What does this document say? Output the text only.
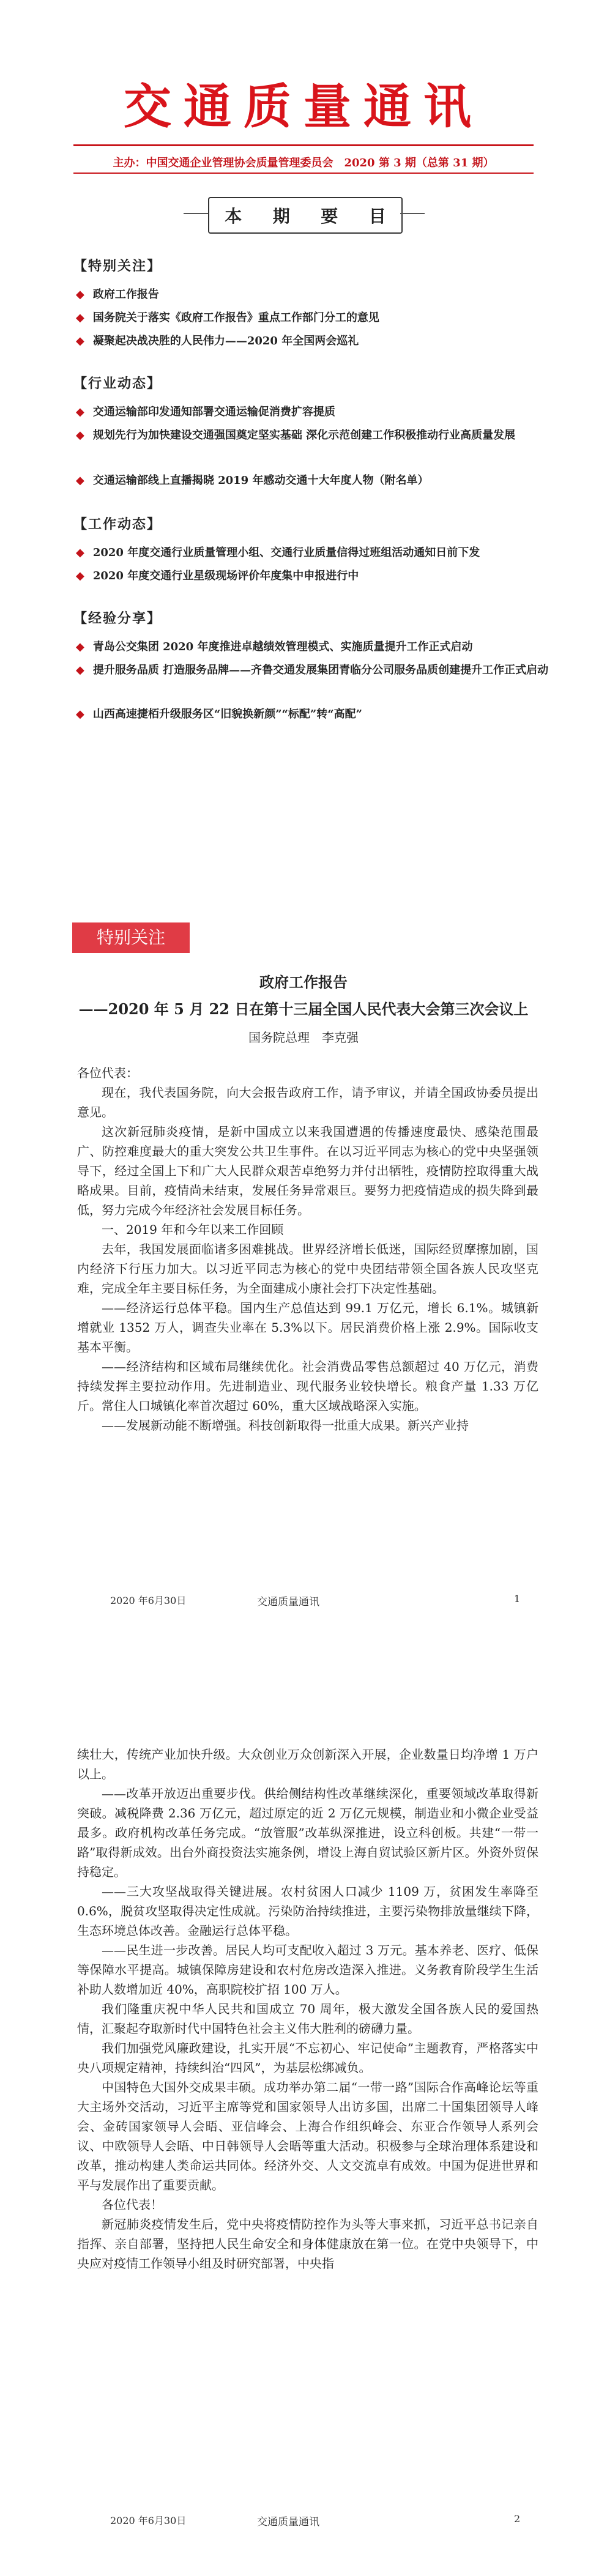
交通质量通讯
主办：中国交通企业管理协会质量管理委员会　2020 第 3 期（总第 31 期）
本 期 要 目
【特别关注】
◆ 政府工作报告
◆ 国务院关于落实《政府工作报告》重点工作部门分工的意见
◆ 凝聚起决战决胜的人民伟力——2020 年全国两会巡礼
【行业动态】
◆ 交通运输部印发通知部署交通运输促消费扩容提质
◆ 规划先行为加快建设交通强国奠定坚实基础 深化示范创建工作积极推动行业高质量发展
◆ 交通运输部线上直播揭晓 2019 年感动交通十大年度人物（附名单）
【工作动态】
◆ 2020 年度交通行业质量管理小组、交通行业质量信得过班组活动通知日前下发
◆ 2020 年度交通行业星级现场评价年度集中申报进行中
【经验分享】
◆ 青岛公交集团 2020 年度推进卓越绩效管理模式、实施质量提升工作正式启动
◆ 提升服务品质 打造服务品牌——齐鲁交通发展集团青临分公司服务品质创建提升工作正式启动
◆ 山西高速捷栢升级服务区“旧貌换新颜”“标配”转“高配”
特别关注
政府工作报告
——2020 年 5 月 22 日在第十三届全国人民代表大会第三次会议上
国务院总理　李克强

各位代表：

现在，我代表国务院，向大会报告政府工作，请予审议，并请全国政协委员提出意见。

这次新冠肺炎疫情，是新中国成立以来我国遭遇的传播速度最快、感染范围最广、防控难度最大的重大突发公共卫生事件。在以习近平同志为核心的党中央坚强领导下，经过全国上下和广大人民群众艰苦卓绝努力并付出牺牲，疫情防控取得重大战略成果。目前，疫情尚未结束，发展任务异常艰巨。要努力把疫情造成的损失降到最低，努力完成今年经济社会发展目标任务。

一、2019 年和今年以来工作回顾

去年，我国发展面临诸多困难挑战。世界经济增长低迷，国际经贸摩擦加剧，国内经济下行压力加大。以习近平同志为核心的党中央团结带领全国各族人民攻坚克难，完成全年主要目标任务，为全面建成小康社会打下决定性基础。

——经济运行总体平稳。国内生产总值达到 99.1 万亿元，增长 6.1%。城镇新增就业 1352 万人，调查失业率在 5.3%以下。居民消费价格上涨 2.9%。国际收支基本平衡。

——经济结构和区域布局继续优化。社会消费品零售总额超过 40 万亿元，消费持续发挥主要拉动作用。先进制造业、现代服务业较快增长。粮食产量 1.33 万亿斤。常住人口城镇化率首次超过 60%，重大区域战略深入实施。

——发展新动能不断增强。科技创新取得一批重大成果。新兴产业持

2020 年6月30日	交通质量通讯	1

续壮大，传统产业加快升级。大众创业万众创新深入开展，企业数量日均净增 1 万户以上。

——改革开放迈出重要步伐。供给侧结构性改革继续深化，重要领域改革取得新突破。减税降费 2.36 万亿元，超过原定的近 2 万亿元规模，制造业和小微企业受益最多。政府机构改革任务完成。“放管服”改革纵深推进，设立科创板。共建“一带一路”取得新成效。出台外商投资法实施条例，增设上海自贸试验区新片区。外资外贸保持稳定。

——三大攻坚战取得关键进展。农村贫困人口减少 1109 万，贫困发生率降至 0.6%，脱贫攻坚取得决定性成就。污染防治持续推进，主要污染物排放量继续下降，生态环境总体改善。金融运行总体平稳。

——民生进一步改善。居民人均可支配收入超过 3 万元。基本养老、医疗、低保等保障水平提高。城镇保障房建设和农村危房改造深入推进。义务教育阶段学生生活补助人数增加近 40%，高职院校扩招 100 万人。

我们隆重庆祝中华人民共和国成立 70 周年，极大激发全国各族人民的爱国热情，汇聚起夺取新时代中国特色社会主义伟大胜利的磅礴力量。

我们加强党风廉政建设，扎实开展“不忘初心、牢记使命”主题教育，严格落实中央八项规定精神，持续纠治“四风”，为基层松绑减负。

中国特色大国外交成果丰硕。成功举办第二届“一带一路”国际合作高峰论坛等重大主场外交活动，习近平主席等党和国家领导人出访多国，出席二十国集团领导人峰会、金砖国家领导人会晤、亚信峰会、上海合作组织峰会、东亚合作领导人系列会议、中欧领导人会晤、中日韩领导人会晤等重大活动。积极参与全球治理体系建设和改革，推动构建人类命运共同体。经济外交、人文交流卓有成效。中国为促进世界和平与发展作出了重要贡献。

各位代表！

新冠肺炎疫情发生后，党中央将疫情防控作为头等大事来抓，习近平总书记亲自指挥、亲自部署，坚持把人民生命安全和身体健康放在第一位。在党中央领导下，中央应对疫情工作领导小组及时研究部署，中央指

2020 年6月30日	交通质量通讯	2
